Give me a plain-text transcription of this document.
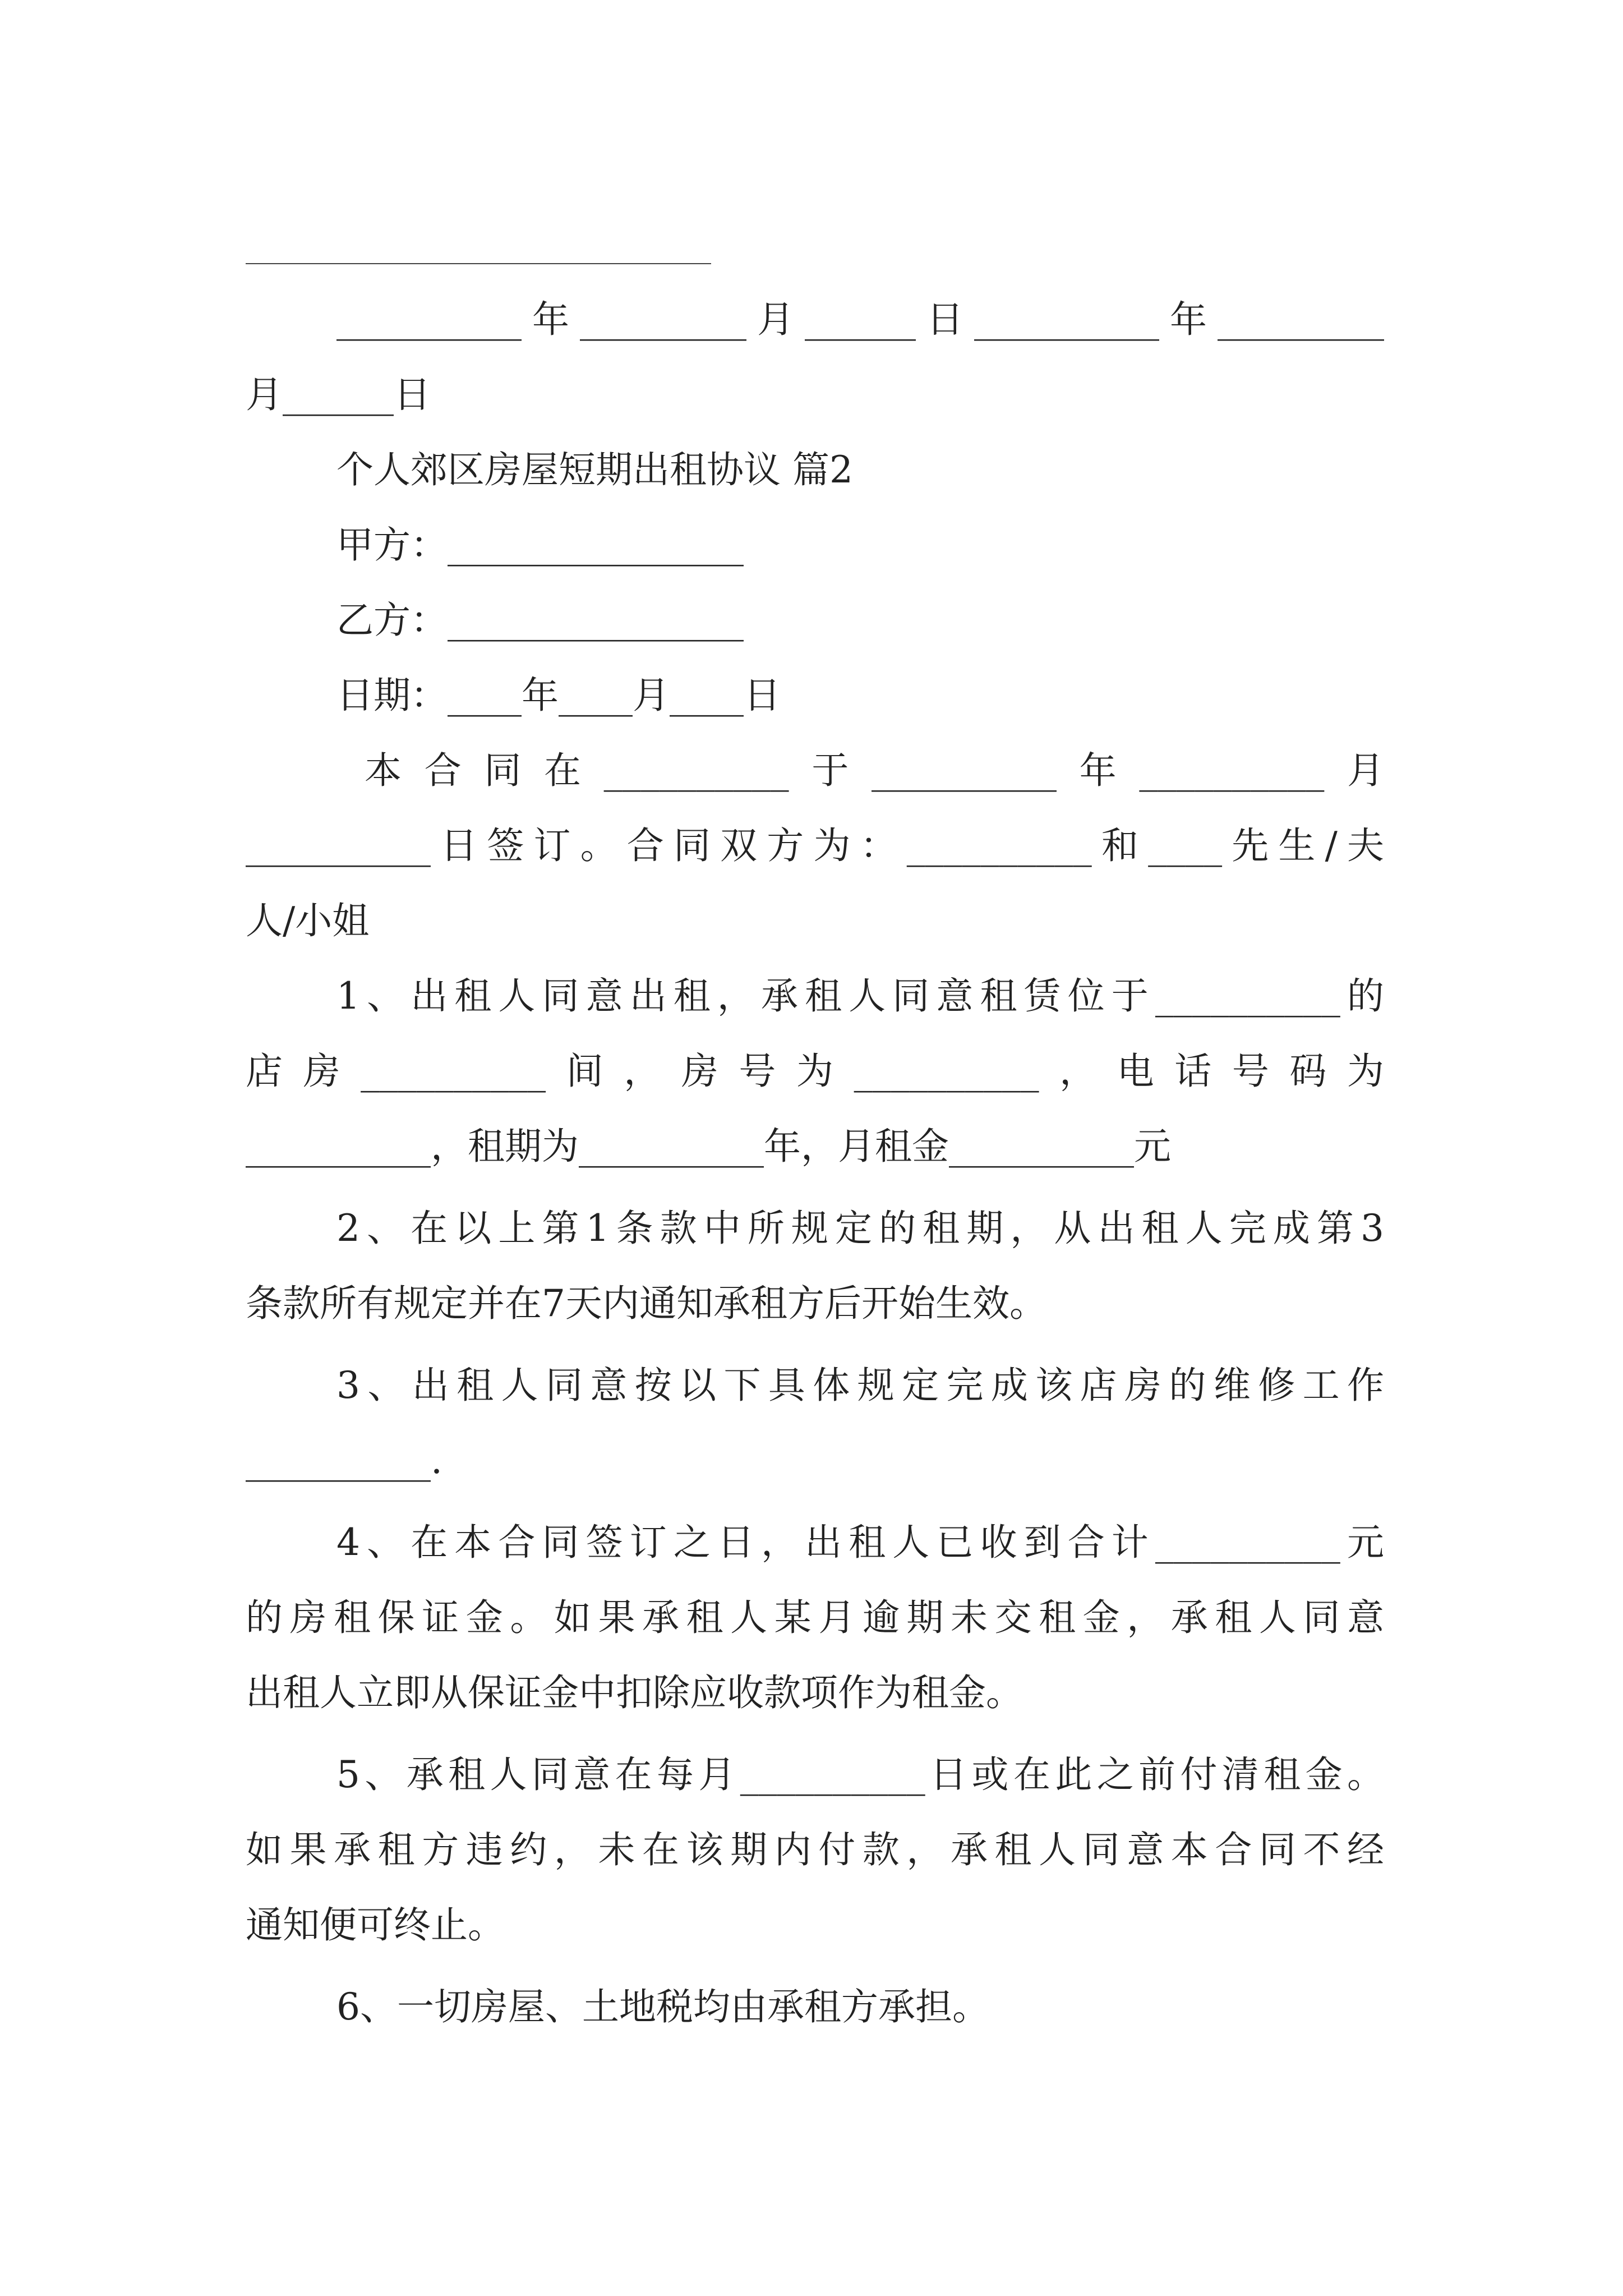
__________年_________月______日__________年_________
月______日
个人郊区房屋短期出租协议 篇2
甲方：________________
乙方：________________
日期：____年____月____日
本合同在__________于__________年__________月
__________日签订。合同双方为：__________和____先生/夫
人/小姐
1、出租人同意出租，承租人同意租赁位于__________的
店房__________间，房号为__________，电话号码为
__________，租期为__________年，月租金__________元
2、在以上第1条款中所规定的租期，从出租人完成第3
条款所有规定并在7天内通知承租方后开始生效。
3、出租人同意按以下具体规定完成该店房的维修工作
__________.
4、在本合同签订之日，出租人已收到合计__________元
的房租保证金。如果承租人某月逾期未交租金，承租人同意
出租人立即从保证金中扣除应收款项作为租金。
5、承租人同意在每月__________日或在此之前付清租金。
如果承租方违约，未在该期内付款，承租人同意本合同不经
通知便可终止。
6、一切房屋、土地税均由承租方承担。
